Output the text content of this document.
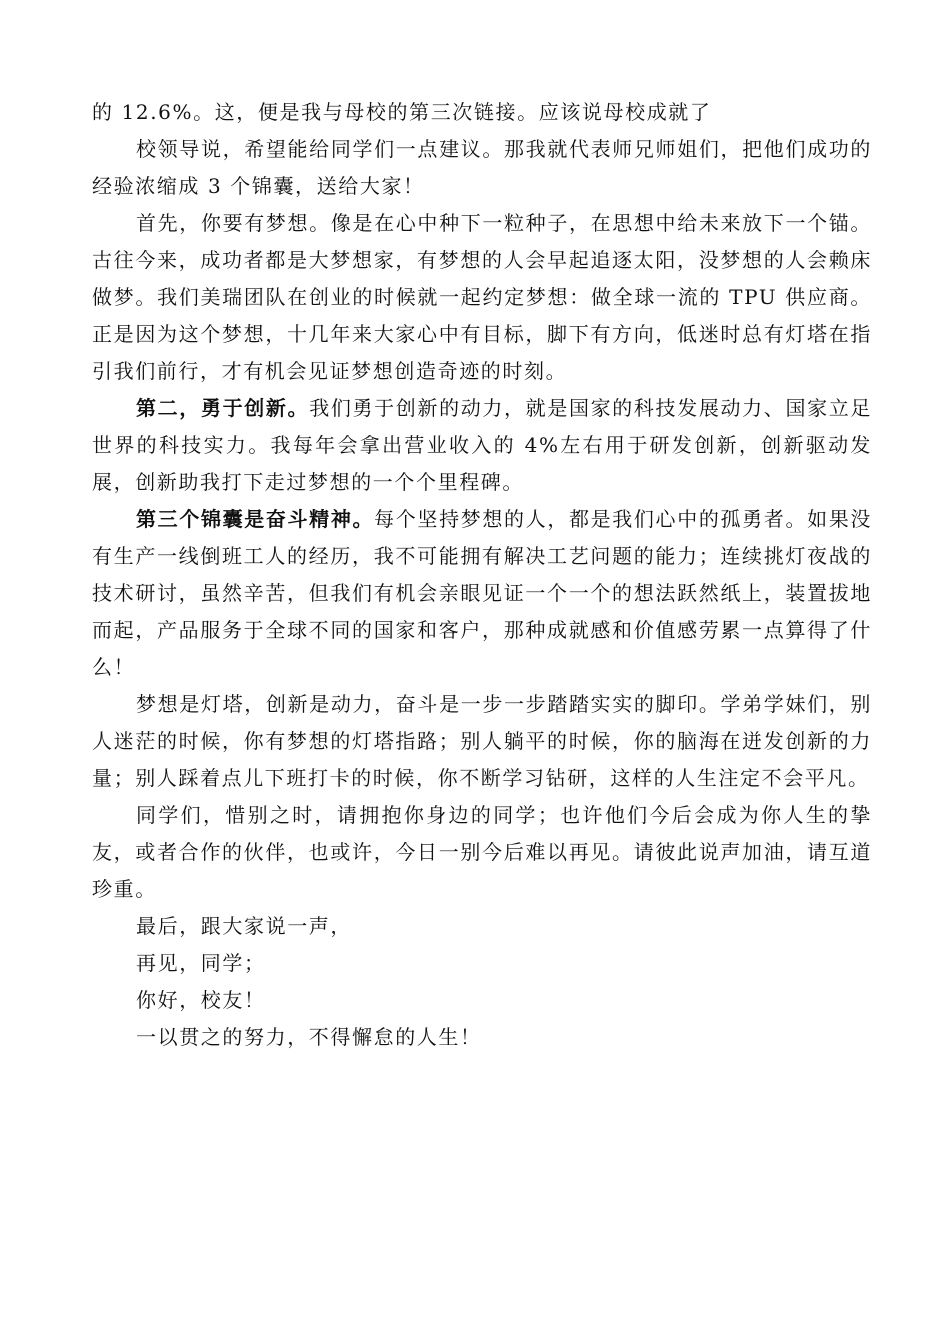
的 12.6%。这，便是我与母校的第三次链接。应该说母校成就了

校领导说，希望能给同学们一点建议。那我就代表师兄师姐们，把他们成功的经验浓缩成 3 个锦囊，送给大家！

首先，你要有梦想。像是在心中种下一粒种子，在思想中给未来放下一个锚。古往今来，成功者都是大梦想家，有梦想的人会早起追逐太阳，没梦想的人会赖床做梦。我们美瑞团队在创业的时候就一起约定梦想：做全球一流的 TPU 供应商。正是因为这个梦想，十几年来大家心中有目标，脚下有方向，低迷时总有灯塔在指引我们前行，才有机会见证梦想创造奇迹的时刻。

第二，勇于创新。我们勇于创新的动力，就是国家的科技发展动力、国家立足世界的科技实力。我每年会拿出营业收入的 4%左右用于研发创新，创新驱动发展，创新助我打下走过梦想的一个个里程碑。

第三个锦囊是奋斗精神。每个坚持梦想的人，都是我们心中的孤勇者。如果没有生产一线倒班工人的经历，我不可能拥有解决工艺问题的能力；连续挑灯夜战的技术研讨，虽然辛苦，但我们有机会亲眼见证一个一个的想法跃然纸上，装置拔地而起，产品服务于全球不同的国家和客户，那种成就感和价值感劳累一点算得了什么！

梦想是灯塔，创新是动力，奋斗是一步一步踏踏实实的脚印。学弟学妹们，别人迷茫的时候，你有梦想的灯塔指路；别人躺平的时候，你的脑海在迸发创新的力量；别人踩着点儿下班打卡的时候，你不断学习钻研，这样的人生注定不会平凡。

同学们，惜别之时，请拥抱你身边的同学；也许他们今后会成为你人生的挚友，或者合作的伙伴，也或许，今日一别今后难以再见。请彼此说声加油，请互道珍重。

最后，跟大家说一声，

再见，同学；

你好，校友！

一以贯之的努力，不得懈怠的人生！
